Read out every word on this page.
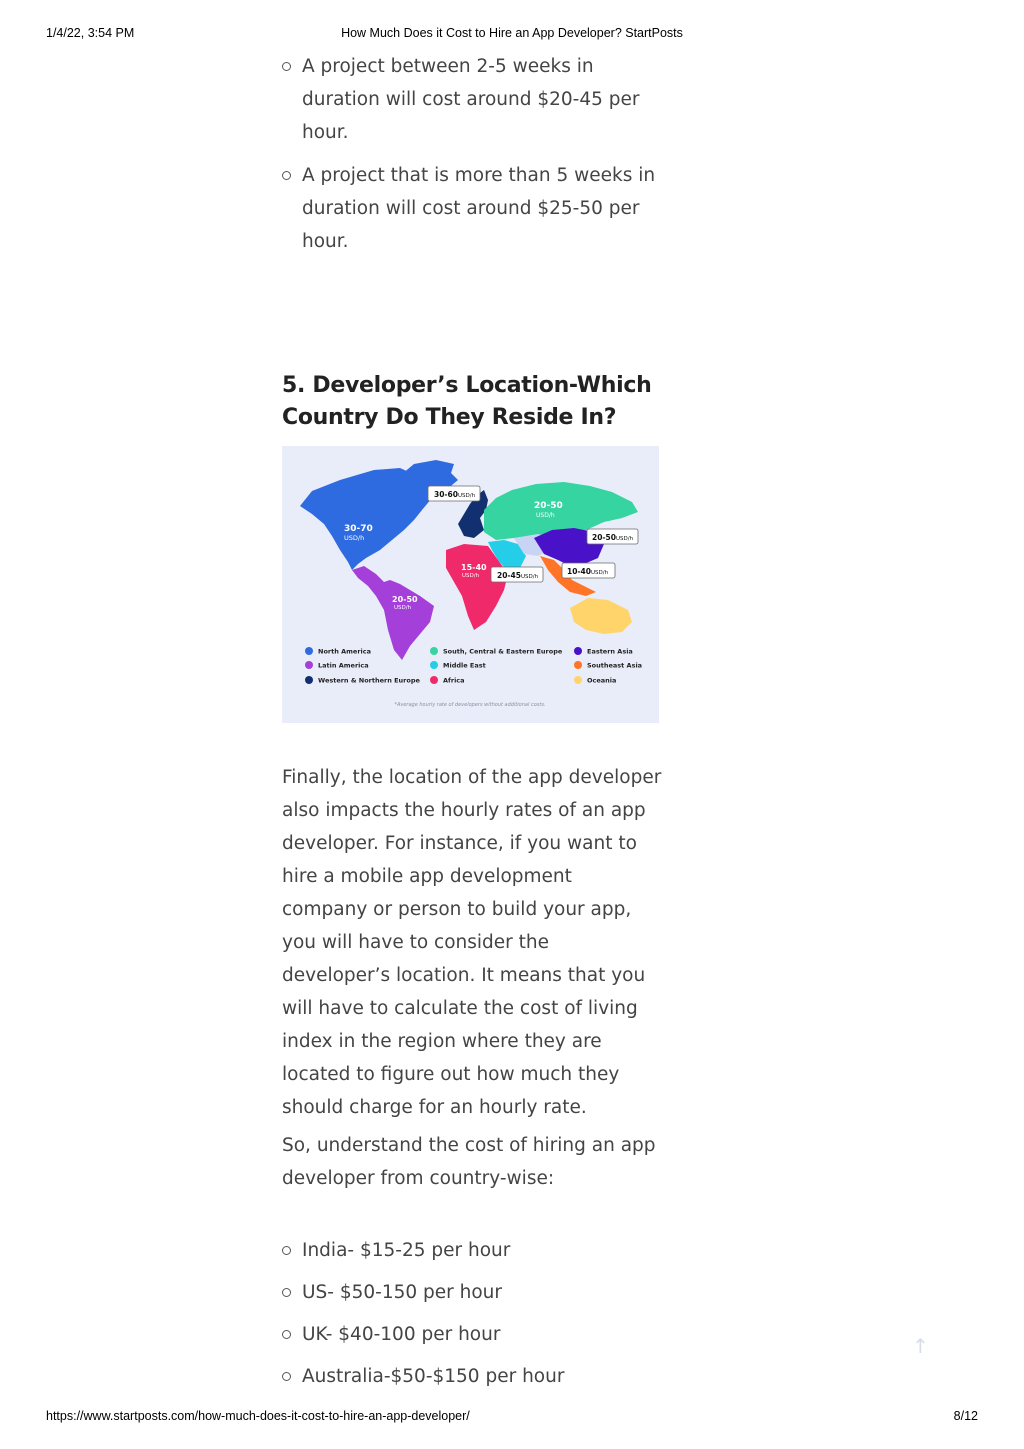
1/4/22, 3:54 PM	How Much Does it Cost to Hire an App Developer? StartPosts
A project between 2-5 weeks in duration will cost around $20-45 per hour.
A project that is more than 5 weeks in duration will cost around $25-50 per hour.
5. Developer’s Location-Which Country Do They Reside In?

Finally, the location of the app developer also impacts the hourly rates of an app developer. For instance, if you want to hire a mobile app development company or person to build your app, you will have to consider the developer’s location. It means that you will have to calculate the cost of living index in the region where they are located to figure out how much they should charge for an hourly rate.

So, understand the cost of hiring an app developer from country-wise:

India- $15-25 per hour
US- $50-150 per hour
UK- $40-100 per hour
Australia-$50-$150 per hour
30-60 USD/h
20-50
USD/h
30-70
USD/h	20-50 USD/h
15-40
USD/h 20-45 USD/h
10-40 USD/h
20-50
USD/h
North America
Latin America
Western & Northern Europe
South, Central & Eastern Europe
Middle East
Africa
Eastern Asia
Southeast Asia
Oceania
*Average hourly rate of developers without additional costs.
↑
https://www.startposts.com/how-much-does-it-cost-to-hire-an-app-developer/	8/12
